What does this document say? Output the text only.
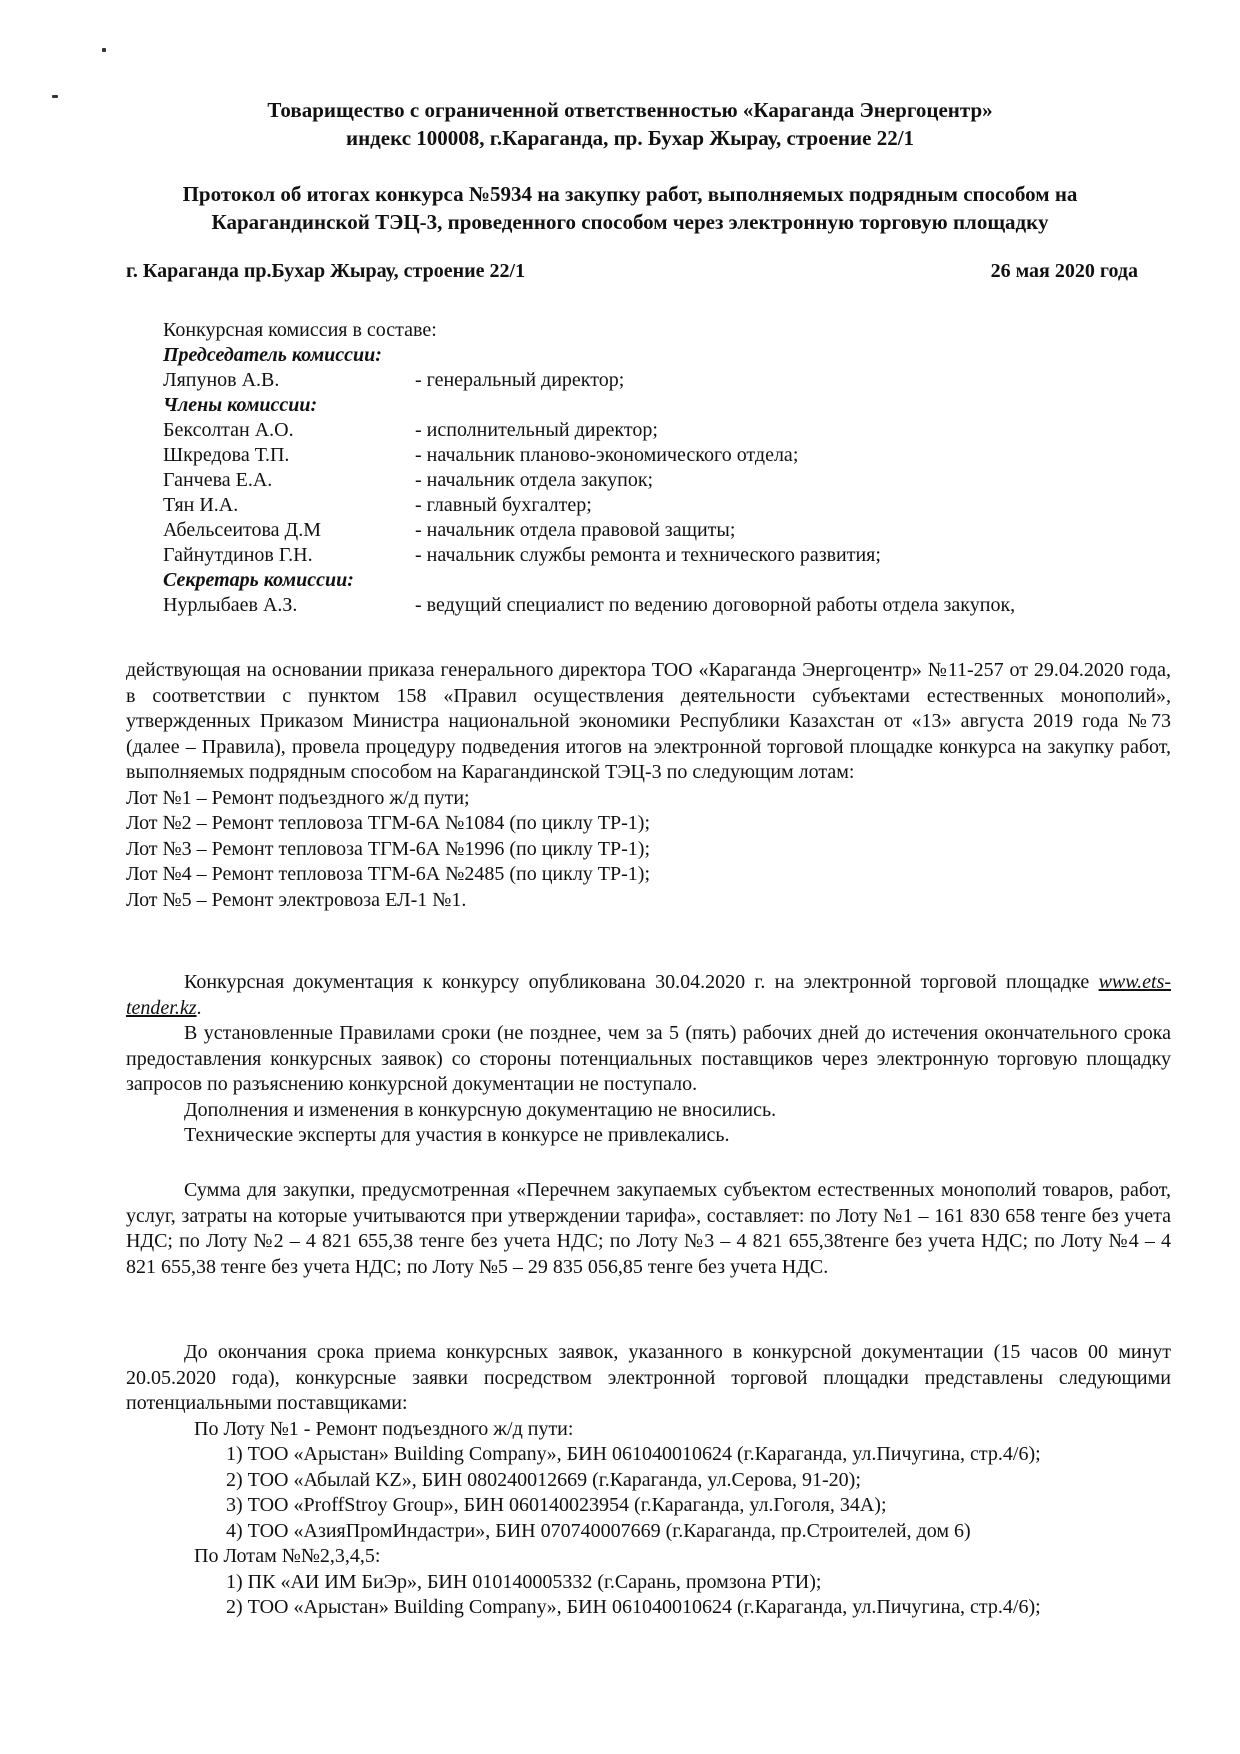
Товарищество с ограниченной ответственностью «Караганда Энергоцентр»
индекс 100008, г.Караганда, пр. Бухар Жырау, строение 22/1
Протокол об итогах конкурса №5934 на закупку работ, выполняемых подрядным способом на
Карагандинской ТЭЦ-3, проведенного способом через электронную торговую площадку
г. Караганда пр.Бухар Жырау, строение 22/1	26 мая 2020 года
Конкурсная комиссия в составе:
Председатель комиссии:
Ляпунов А.В.	- генеральный директор;
Члены комиссии:
Бексолтан А.О.	- исполнительный директор;
Шкредова Т.П.	- начальник планово-экономического отдела;
Ганчева Е.А.	- начальник отдела закупок;
Тян И.А.	- главный бухгалтер;
Абельсеитова Д.М	- начальник отдела правовой защиты;
Гайнутдинов Г.Н.	- начальник службы ремонта и технического развития;
Секретарь комиссии:
Нурлыбаев А.З.	- ведущий специалист по ведению договорной работы отдела закупок,
действующая на основании приказа генерального директора ТОО «Караганда Энергоцентр» №11-257 от 29.04.2020 года, в соответствии с пунктом 158 «Правил осуществления деятельности субъектами естественных монополий», утвержденных Приказом Министра национальной экономики Республики Казахстан от «13» августа 2019 года №73 (далее – Правила), провела процедуру подведения итогов на электронной торговой площадке конкурса на закупку работ, выполняемых подрядным способом на Карагандинской ТЭЦ-3 по следующим лотам:
Лот №1 – Ремонт подъездного ж/д пути;
Лот №2 – Ремонт тепловоза ТГМ-6А №1084 (по циклу ТР-1);
Лот №3 – Ремонт тепловоза ТГМ-6А №1996 (по циклу ТР-1);
Лот №4 – Ремонт тепловоза ТГМ-6А №2485 (по циклу ТР-1);
Лот №5 – Ремонт электровоза ЕЛ-1 №1.
Конкурсная документация к конкурсу опубликована 30.04.2020 г. на электронной торговой площадке www.ets-tender.kz.
В установленные Правилами сроки (не позднее, чем за 5 (пять) рабочих дней до истечения окончательного срока предоставления конкурсных заявок) со стороны потенциальных поставщиков через электронную торговую площадку запросов по разъяснению конкурсной документации не поступало.
Дополнения и изменения в конкурсную документацию не вносились.
Технические эксперты для участия в конкурсе не привлекались.
Сумма для закупки, предусмотренная «Перечнем закупаемых субъектом естественных монополий товаров, работ, услуг, затраты на которые учитываются при утверждении тарифа», составляет: по Лоту №1 – 161 830 658 тенге без учета НДС; по Лоту №2 – 4 821 655,38 тенге без учета НДС; по Лоту №3 – 4 821 655,38тенге без учета НДС; по Лоту №4 – 4 821 655,38 тенге без учета НДС; по Лоту №5 – 29 835 056,85 тенге без учета НДС.
До окончания срока приема конкурсных заявок, указанного в конкурсной документации (15 часов 00 минут 20.05.2020 года), конкурсные заявки посредством электронной торговой площадки представлены следующими потенциальными поставщиками:
По Лоту №1 - Ремонт подъездного ж/д пути:
1) ТОО «Арыстан» Building Company», БИН 061040010624 (г.Караганда, ул.Пичугина, стр.4/6);
2) ТОО «Абылай KZ», БИН 080240012669 (г.Караганда, ул.Серова, 91-20);
3) ТОО «ProffStroy Group», БИН 060140023954 (г.Караганда, ул.Гоголя, 34А);
4) ТОО «АзияПромИндастри», БИН 070740007669 (г.Караганда, пр.Строителей, дом 6)
По Лотам №№2,3,4,5:
1) ПК «АИ ИМ БиЭр», БИН 010140005332 (г.Сарань, промзона РТИ);
2) ТОО «Арыстан» Building Company», БИН 061040010624 (г.Караганда, ул.Пичугина, стр.4/6);
